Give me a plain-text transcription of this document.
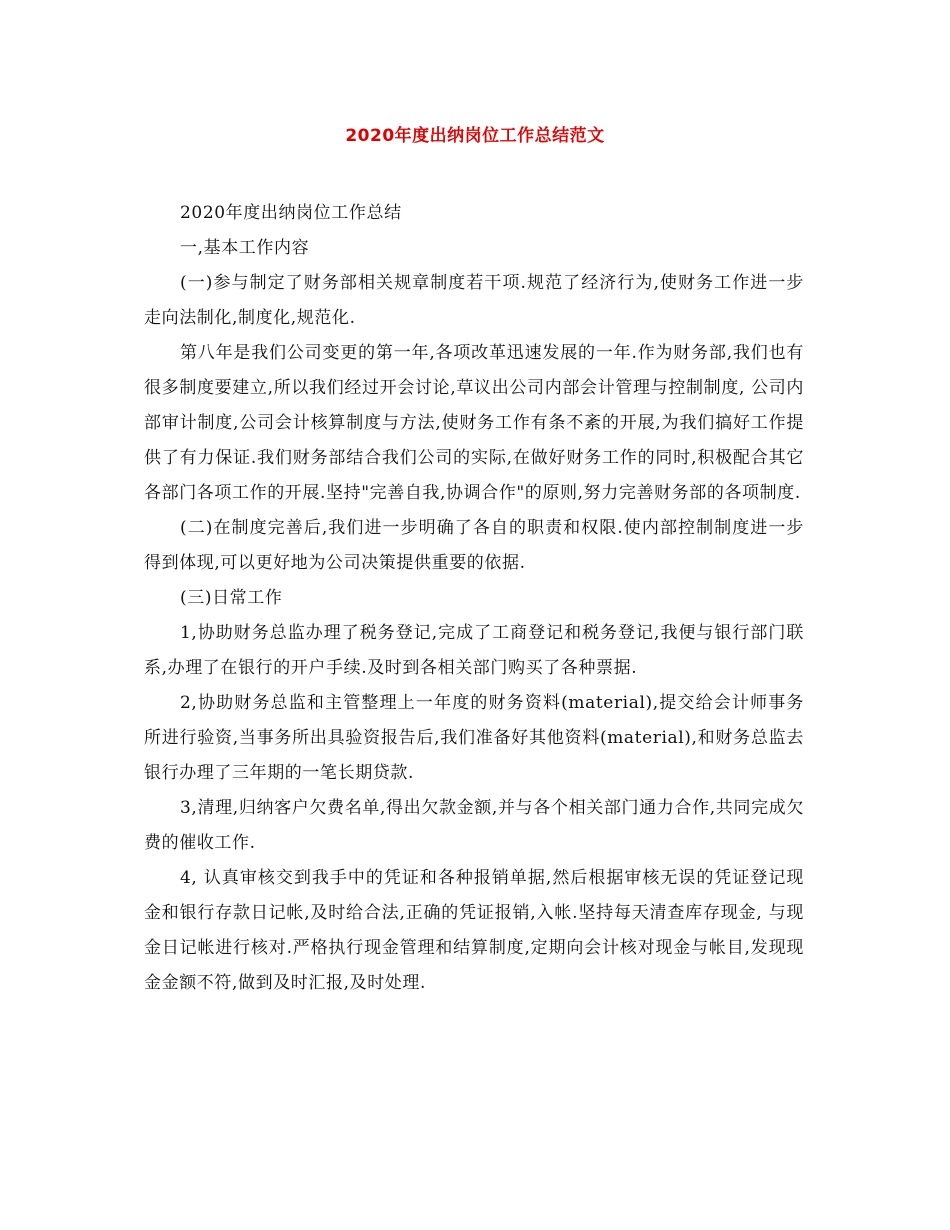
2020年度出纳岗位工作总结范文

2020年度出纳岗位工作总结

一,基本工作内容

(一)参与制定了财务部相关规章制度若干项.规范了经济行为,使财务工作进一步走向法制化,制度化,规范化.

第八年是我们公司变更的第一年,各项改革迅速发展的一年.作为财务部,我们也有很多制度要建立,所以我们经过开会讨论,草议出公司内部会计管理与控制制度, 公司内部审计制度,公司会计核算制度与方法,使财务工作有条不紊的开展,为我们搞好工作提供了有力保证.我们财务部结合我们公司的实际,在做好财务工作的同时,积极配合其它各部门各项工作的开展.坚持"完善自我,协调合作"的原则,努力完善财务部的各项制度.

(二)在制度完善后,我们进一步明确了各自的职责和权限.使内部控制制度进一步得到体现,可以更好地为公司决策提供重要的依据.

(三)日常工作

1,协助财务总监办理了税务登记,完成了工商登记和税务登记,我便与银行部门联系,办理了在银行的开户手续.及时到各相关部门购买了各种票据.

2,协助财务总监和主管整理上一年度的财务资料(material),提交给会计师事务所进行验资,当事务所出具验资报告后,我们准备好其他资料(material),和财务总监去银行办理了三年期的一笔长期贷款.

3,清理,归纳客户欠费名单,得出欠款金额,并与各个相关部门通力合作,共同完成欠费的催收工作.

4, 认真审核交到我手中的凭证和各种报销单据,然后根据审核无误的凭证登记现金和银行存款日记帐,及时给合法,正确的凭证报销,入帐.坚持每天清查库存现金, 与现金日记帐进行核对.严格执行现金管理和结算制度,定期向会计核对现金与帐目,发现现金金额不符,做到及时汇报,及时处理.
